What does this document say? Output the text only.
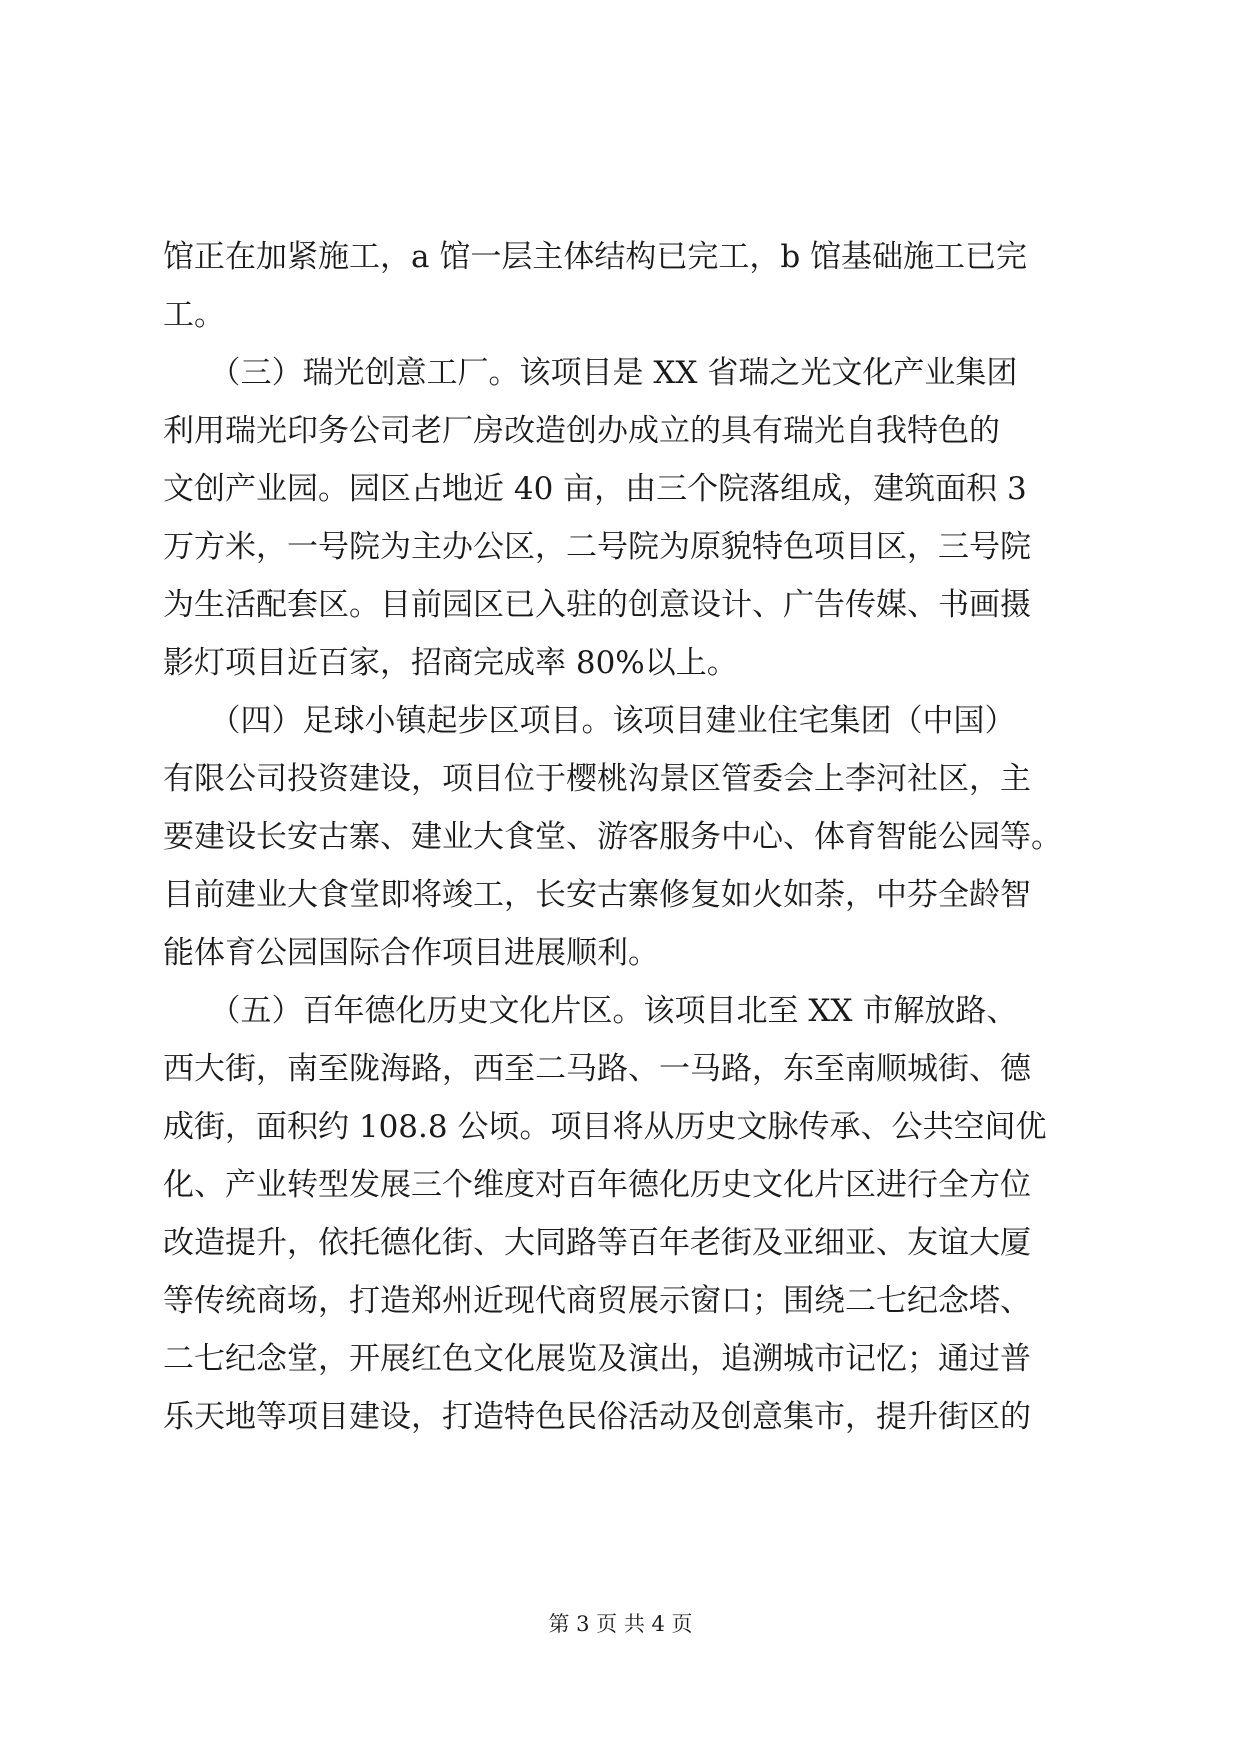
馆正在加紧施工，a 馆一层主体结构已完工，b 馆基础施工已完
工。
　　（三）瑞光创意工厂。该项目是 XX 省瑞之光文化产业集团
利用瑞光印务公司老厂房改造创办成立的具有瑞光自我特色的
文创产业园。园区占地近 40 亩，由三个院落组成，建筑面积 3
万方米，一号院为主办公区，二号院为原貌特色项目区，三号院
为生活配套区。目前园区已入驻的创意设计、广告传媒、书画摄
影灯项目近百家，招商完成率 80%以上。
　　（四）足球小镇起步区项目。该项目建业住宅集团（中国）
有限公司投资建设，项目位于樱桃沟景区管委会上李河社区，主
要建设长安古寨、建业大食堂、游客服务中心、体育智能公园等。
目前建业大食堂即将竣工，长安古寨修复如火如荼，中芬全龄智
能体育公园国际合作项目进展顺利。
　　（五）百年德化历史文化片区。该项目北至 XX 市解放路、
西大街，南至陇海路，西至二马路、一马路，东至南顺城街、德
成街，面积约 108.8 公顷。项目将从历史文脉传承、公共空间优
化、产业转型发展三个维度对百年德化历史文化片区进行全方位
改造提升，依托德化街、大同路等百年老街及亚细亚、友谊大厦
等传统商场，打造郑州近现代商贸展示窗口；围绕二七纪念塔、
二七纪念堂，开展红色文化展览及演出，追溯城市记忆；通过普
乐天地等项目建设，打造特色民俗活动及创意集市，提升街区的
第 3 页 共 4 页
